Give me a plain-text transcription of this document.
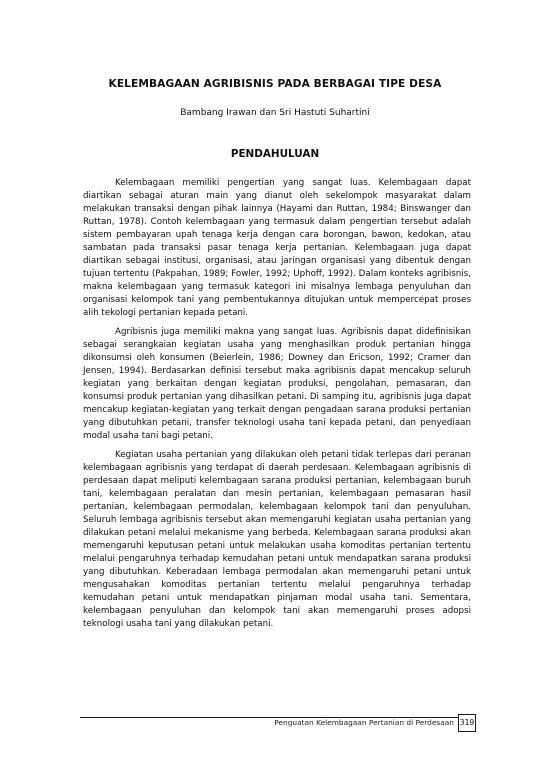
KELEMBAGAAN AGRIBISNIS PADA BERBAGAI TIPE DESA
Bambang Irawan dan Sri Hastuti Suhartini
PENDAHULUAN

Kelembagaan memiliki pengertian yang sangat luas. Kelembagaan dapat diartikan sebagai aturan main yang dianut oleh sekelompok masyarakat dalam melakukan transaksi dengan pihak lainnya (Hayami dan Ruttan, 1984; Binswanger dan Ruttan, 1978). Contoh kelembagaan yang termasuk dalam pengertian tersebut adalah sistem pembayaran upah tenaga kerja dengan cara borongan, bawon, kedokan, atau sambatan pada transaksi pasar tenaga kerja pertanian. Kelembagaan juga dapat diartikan sebagai institusi, organisasi, atau jaringan organisasi yang dibentuk dengan tujuan tertentu (Pakpahan, 1989; Fowler, 1992; Uphoff, 1992). Dalam konteks agribisnis, makna kelembagaan yang termasuk kategori ini misalnya lembaga penyuluhan dan organisasi kelompok tani yang pembentukannya ditujukan untuk mempercepat proses alih tekologi pertanian kepada petani.

Agribisnis juga memiliki makna yang sangat luas. Agribisnis dapat didefinisikan sebagai serangkaian kegiatan usaha yang menghasilkan produk pertanian hingga dikonsumsi oleh konsumen (Beierlein, 1986; Downey dan Ericson, 1992; Cramer dan Jensen, 1994). Berdasarkan definisi tersebut maka agribisnis dapat mencakup seluruh kegiatan yang berkaitan dengan kegiatan produksi, pengolahan, pemasaran, dan konsumsi produk pertanian yang dihasilkan petani. Di samping itu, agribisnis juga dapat mencakup kegiatan-kegiatan yang terkait dengan pengadaan sarana produksi pertanian yang dibutuhkan petani, transfer teknologi usaha tani kepada petani, dan penyediaan modal usaha tani bagi petani.

Kegiatan usaha pertanian yang dilakukan oleh petani tidak terlepas dari peranan kelembagaan agribisnis yang terdapat di daerah perdesaan. Kelembagaan agribisnis di perdesaan dapat meliputi kelembagaan sarana produksi pertanian, kelembagaan buruh tani, kelembagaan peralatan dan mesin pertanian, kelembagaan pemasaran hasil pertanian, kelembagaan permodalan, kelembagaan kelompok tani dan penyuluhan. Seluruh lembaga agribisnis tersebut akan memengaruhi kegiatan usaha pertanian yang dilakukan petani melalui mekanisme yang berbeda. Kelembagaan sarana produksi akan memengaruhi keputusan petani untuk melakukan usaha komoditas pertanian tertentu melalui pengaruhnya terhadap kemudahan petani untuk mendapatkan sarana produksi yang dibutuhkan. Keberadaan lembaga permodalan akan memengaruhi petani untuk mengusahakan komoditas pertanian tertentu melalui pengaruhnya terhadap kemudahan petani untuk mendapatkan pinjaman modal usaha tani. Sementara, kelembagaan penyuluhan dan kelompok tani akan memengaruhi proses adopsi teknologi usaha tani yang dilakukan petani.

Penguatan Kelembagaan Pertanian di Perdesaan 319
